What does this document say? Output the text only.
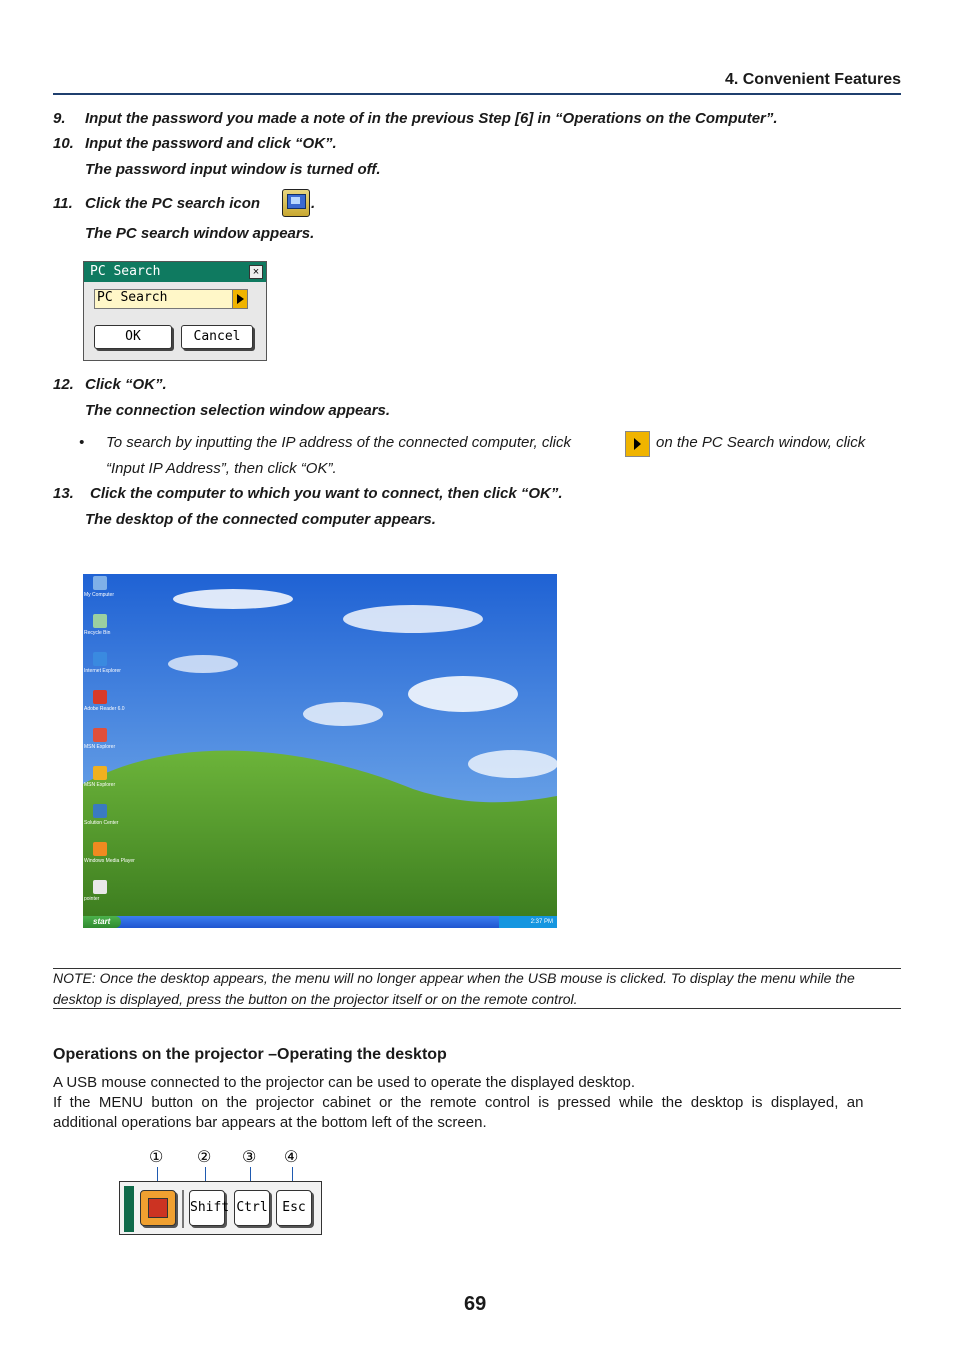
4. Convenient Features
9.	Input the password you made a note of in the previous Step [6] in “Operations on the Computer”.
10. Input the password and click “OK”.
The password input window is turned off.
11. Click the PC search icon	.
The PC search window appears.
PC Search	×
PC Search
OK	Cancel
12. Click “OK”.
The connection selection window appears.
• To search by inputting the IP address of the connected computer, click	on the PC Search window, click
“Input IP Address”, then click “OK”.
13.	Click the computer to which you want to connect, then click “OK”.
The desktop of the connected computer appears.
My Computer
Recycle Bin
Internet Explorer
Adobe Reader 6.0
MSN Explorer
MSN Explorer
Solution Center
Windows Media Player
pointer
start	2:37 PM
NOTE: Once the desktop appears, the menu will no longer appear when the USB mouse is clicked. To display the menu while the
desktop is displayed, press the button on the projector itself or on the remote control.
Operations on the projector –Operating the desktop
A USB mouse connected to the projector can be used to operate the displayed desktop.
If  the  MENU  button  on  the  projector  cabinet  or  the  remote  control  is  pressed  while  the  desktop  is  displayed,  an
additional operations bar appears at the bottom left of the screen.
① ② ③ ④
Shift Ctrl	Esc
69
